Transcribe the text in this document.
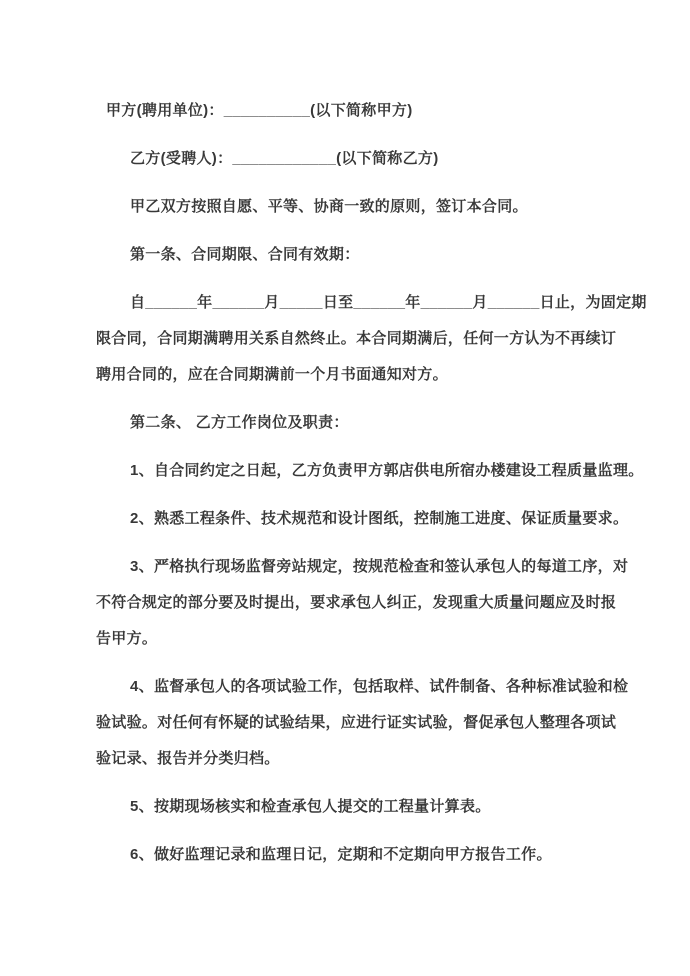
甲方(聘用单位)：__________(以下简称甲方)
乙方(受聘人)：____________(以下简称乙方)
甲乙双方按照自愿、平等、协商一致的原则，签订本合同。
第一条、合同期限、合同有效期：
自______年______月_____日至______年______月______日止，为固定期
限合同，合同期满聘用关系自然终止。本合同期满后，任何一方认为不再续订
聘用合同的，应在合同期满前一个月书面通知对方。
第二条、 乙方工作岗位及职责：
1、自合同约定之日起，乙方负责甲方郭店供电所宿办楼建设工程质量监理。
2、熟悉工程条件、技术规范和设计图纸，控制施工进度、保证质量要求。
3、严格执行现场监督旁站规定，按规范检查和签认承包人的每道工序，对
不符合规定的部分要及时提出，要求承包人纠正，发现重大质量问题应及时报
告甲方。
4、监督承包人的各项试验工作，包括取样、试件制备、各种标准试验和检
验试验。对任何有怀疑的试验结果，应进行证实试验，督促承包人整理各项试
验记录、报告并分类归档。
5、按期现场核实和检查承包人提交的工程量计算表。
6、做好监理记录和监理日记，定期和不定期向甲方报告工作。
